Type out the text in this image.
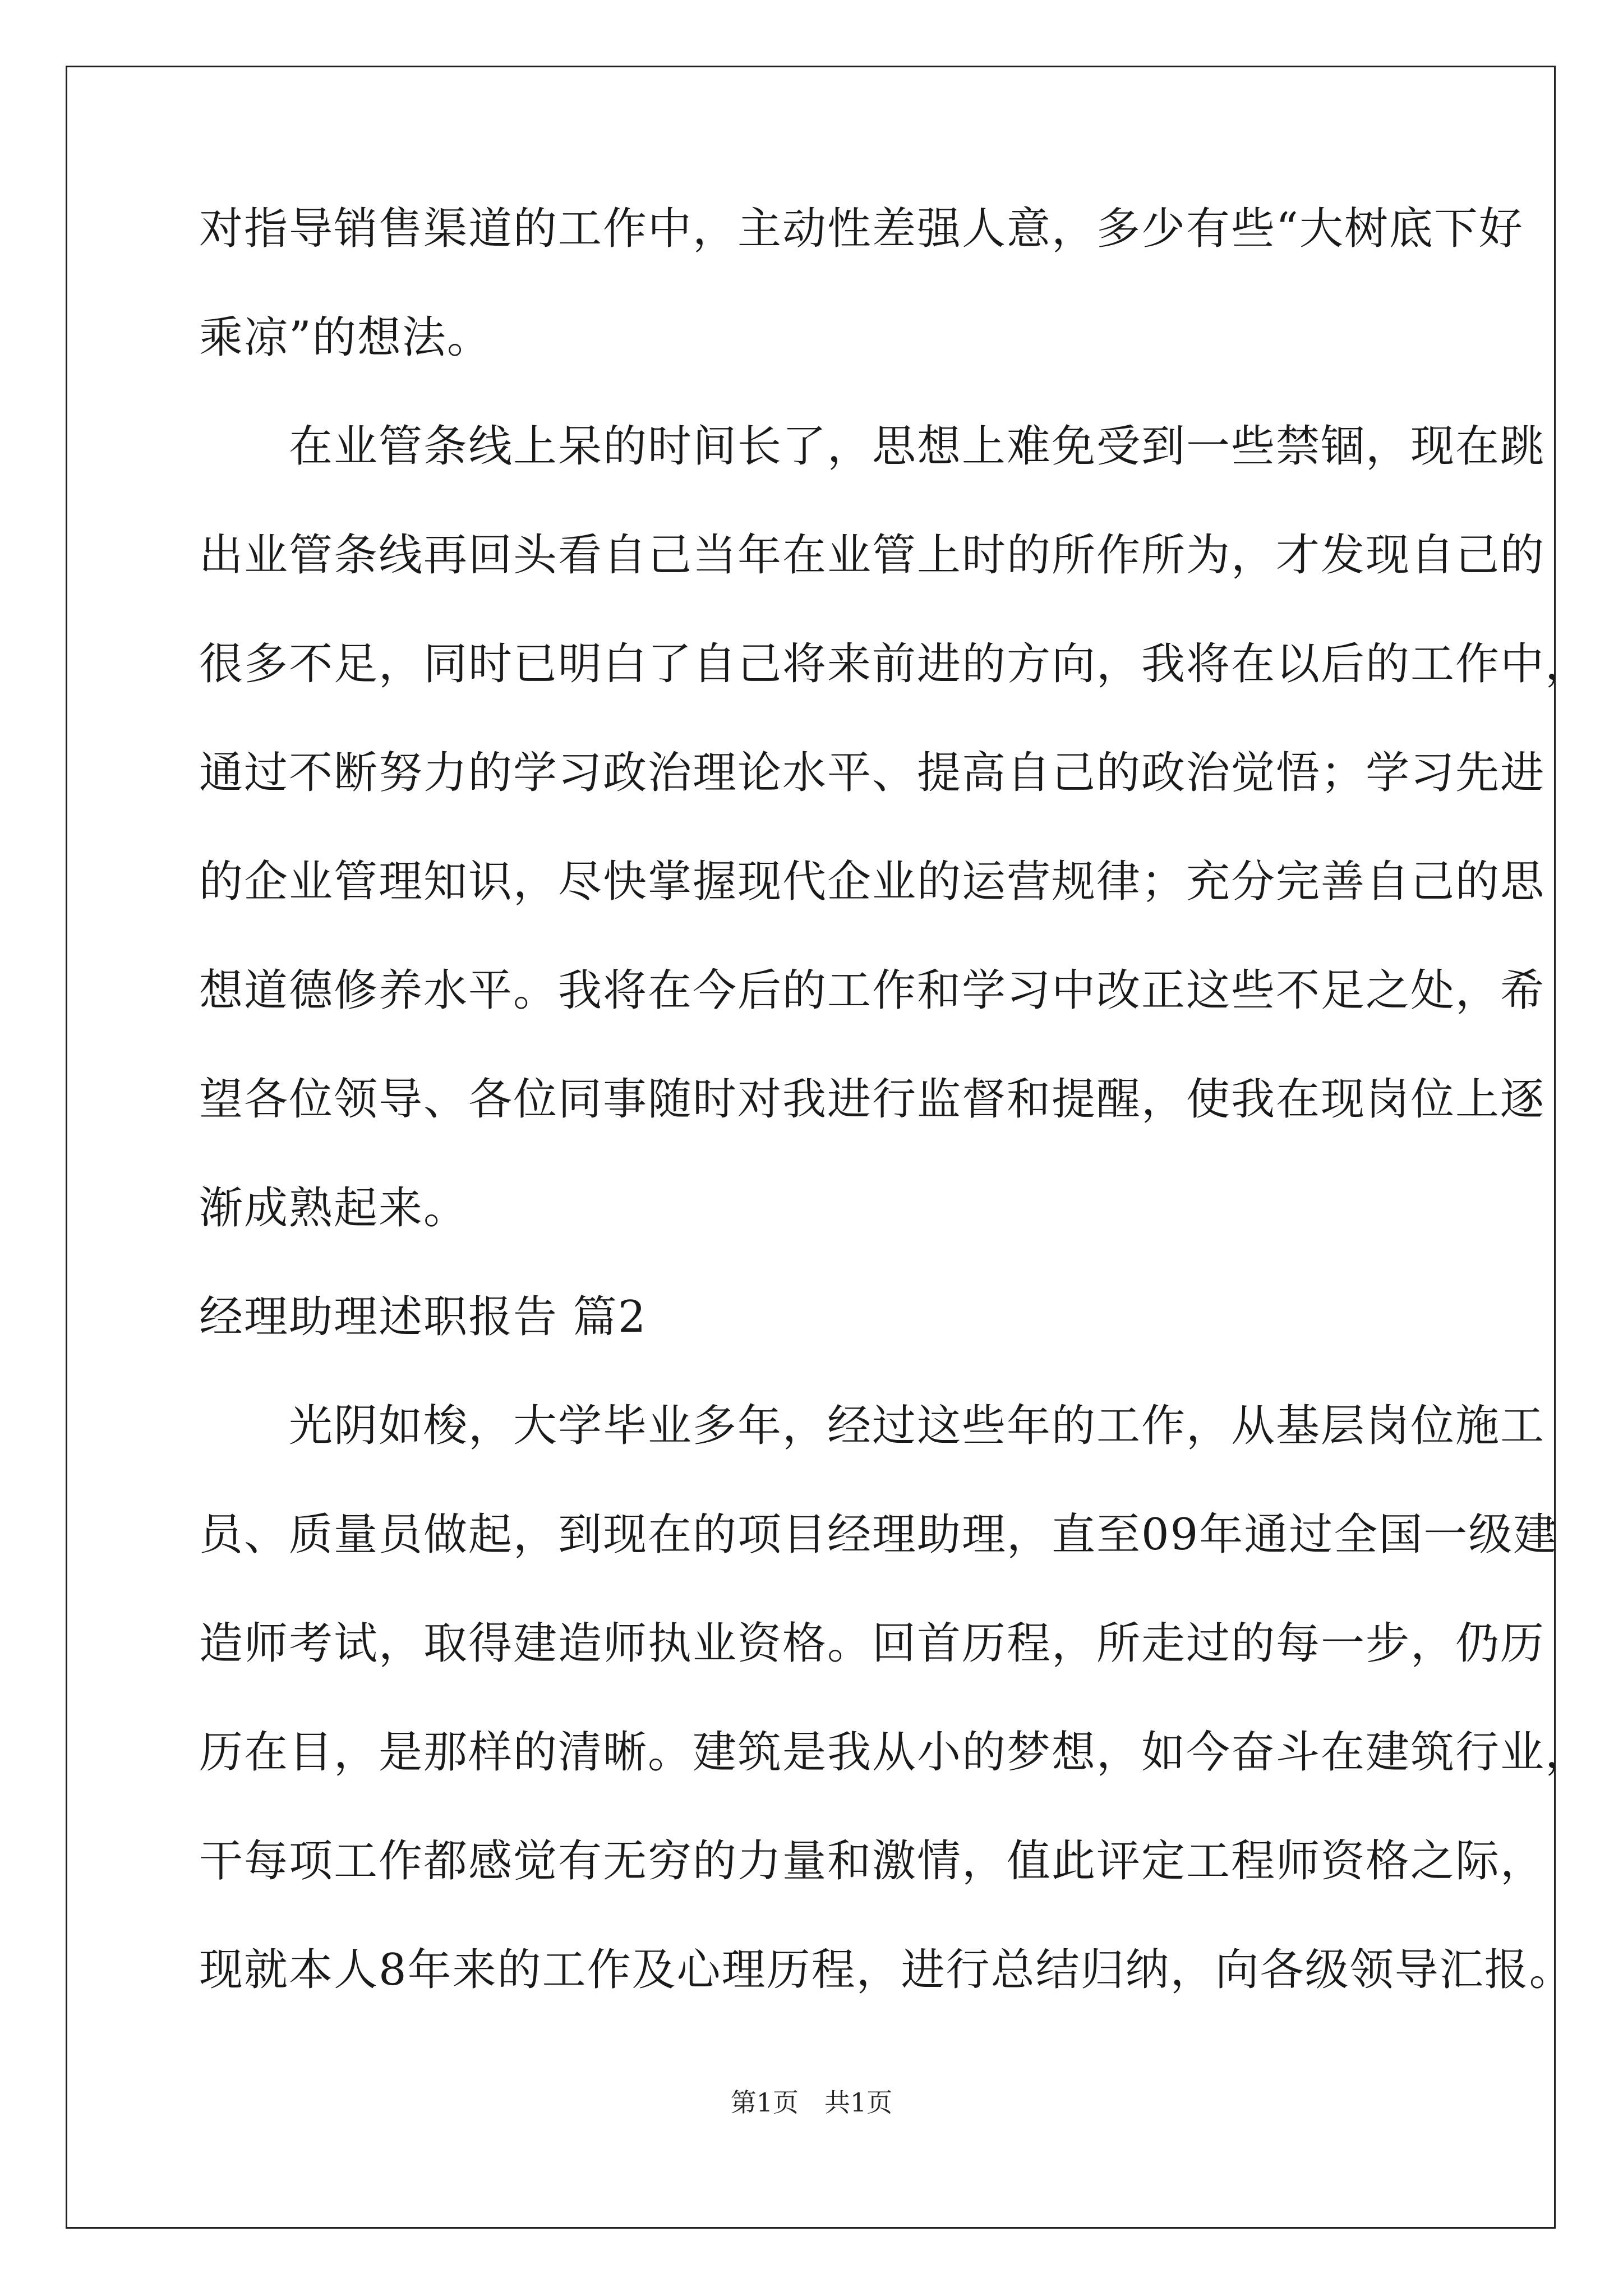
对指导销售渠道的工作中，主动性差强人意，多少有些“大树底下好
乘凉”的想法。
　　在业管条线上呆的时间长了，思想上难免受到一些禁锢，现在跳
出业管条线再回头看自己当年在业管上时的所作所为，才发现自己的
很多不足，同时已明白了自己将来前进的方向，我将在以后的工作中，
通过不断努力的学习政治理论水平、提高自己的政治觉悟；学习先进
的企业管理知识，尽快掌握现代企业的运营规律；充分完善自己的思
想道德修养水平。我将在今后的工作和学习中改正这些不足之处，希
望各位领导、各位同事随时对我进行监督和提醒，使我在现岗位上逐
渐成熟起来。
经理助理述职报告 篇2
　　光阴如梭，大学毕业多年，经过这些年的工作，从基层岗位施工
员、质量员做起，到现在的项目经理助理，直至09年通过全国一级建
造师考试，取得建造师执业资格。回首历程，所走过的每一步，仍历
历在目，是那样的清晰。建筑是我从小的梦想，如今奋斗在建筑行业，
干每项工作都感觉有无穷的力量和激情，值此评定工程师资格之际，
现就本人8年来的工作及心理历程，进行总结归纳，向各级领导汇报。
第1页　共1页
